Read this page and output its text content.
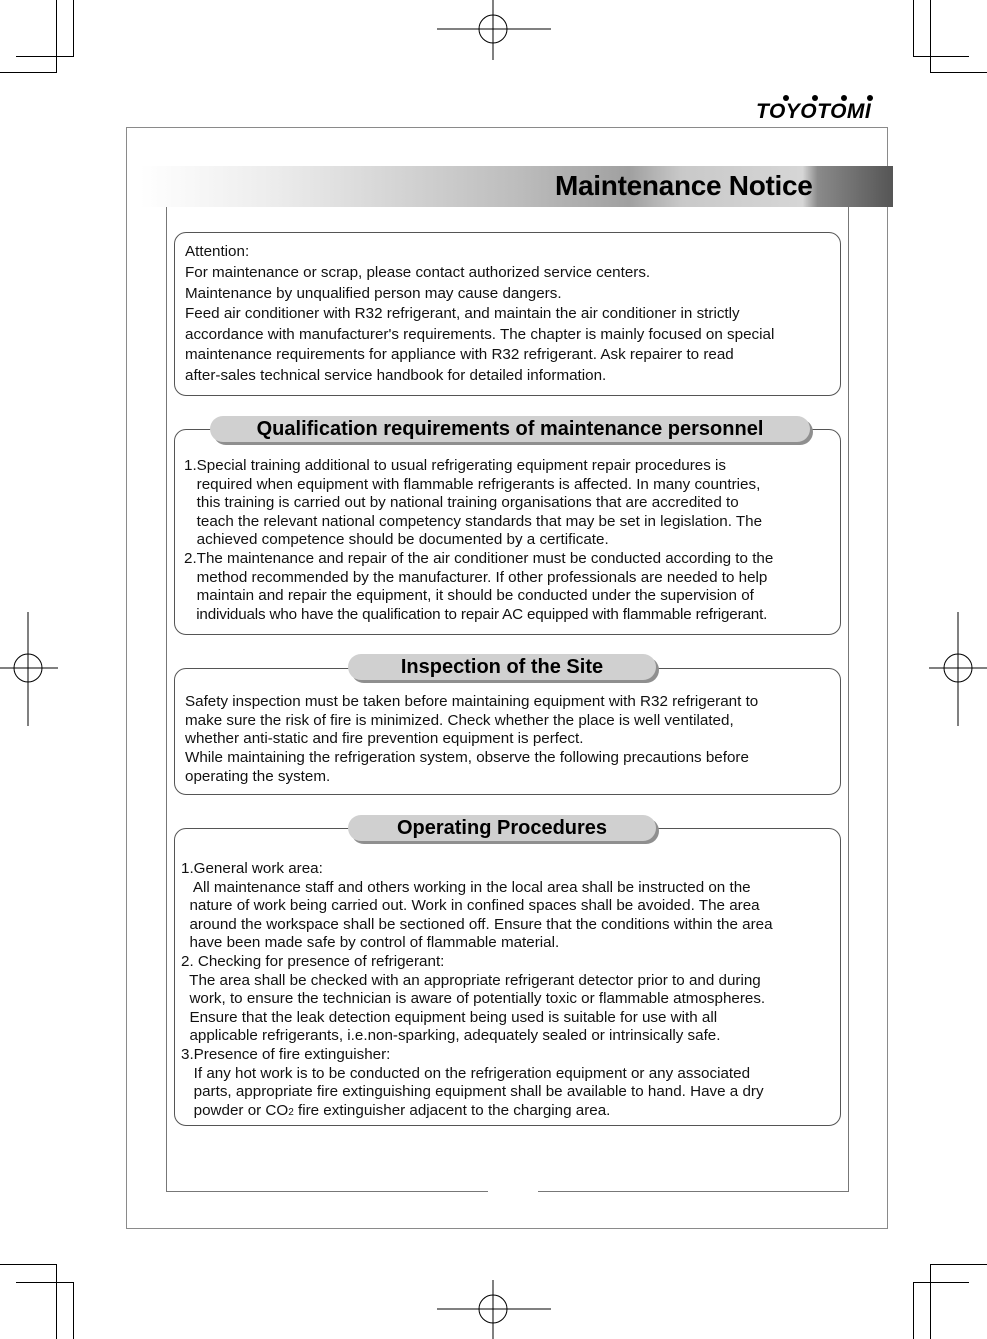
TOYOTOMI
Maintenance Notice
Attention:
For maintenance or scrap, please contact authorized service centers.
Maintenance by unqualified person may cause dangers.
Feed air conditioner with R32 refrigerant, and maintain the air conditioner in strictly
accordance with manufacturer's requirements. The chapter is mainly focused on special
maintenance requirements for appliance with R32 refrigerant. Ask repairer to read
after-sales technical service handbook for detailed information.
Qualification requirements of maintenance personnel
1.Special training additional to usual refrigerating equipment repair procedures is
required when equipment with flammable refrigerants is affected. In many countries,
this training is carried out by national training organisations that are accredited to
teach the relevant national competency standards that may be set in legislation. The
achieved competence should be documented by a certificate.
2.The maintenance and repair of the air conditioner must be conducted according to the
method recommended by the manufacturer. If other professionals are needed to help
maintain and repair the equipment, it should be conducted under the supervision of
individuals who have the qualification to repair AC equipped with flammable refrigerant.
Inspection of the Site
Safety inspection must be taken before maintaining equipment with R32 refrigerant to
make sure the risk of fire is minimized. Check whether the place is well ventilated,
whether anti-static and fire prevention equipment is perfect.
While maintaining the refrigeration system, observe the following precautions before
operating the system.
Operating Procedures
1.General work area:
All maintenance staff and others working in the local area shall be instructed on the
nature of work being carried out. Work in confined spaces shall be avoided. The area
around the workspace shall be sectioned off. Ensure that the conditions within the area
have been made safe by control of flammable material.
2. Checking for presence of refrigerant:
The area shall be checked with an appropriate refrigerant detector prior to and during
work, to ensure the technician is aware of potentially toxic or flammable atmospheres.
Ensure that the leak detection equipment being used is suitable for use with all
applicable refrigerants, i.e.non-sparking, adequately sealed or intrinsically safe.
3.Presence of fire extinguisher:
If any hot work is to be conducted on the refrigeration equipment or any associated
parts, appropriate fire extinguishing equipment shall be available to hand. Have a dry
powder or CO2 fire extinguisher adjacent to the charging area.
